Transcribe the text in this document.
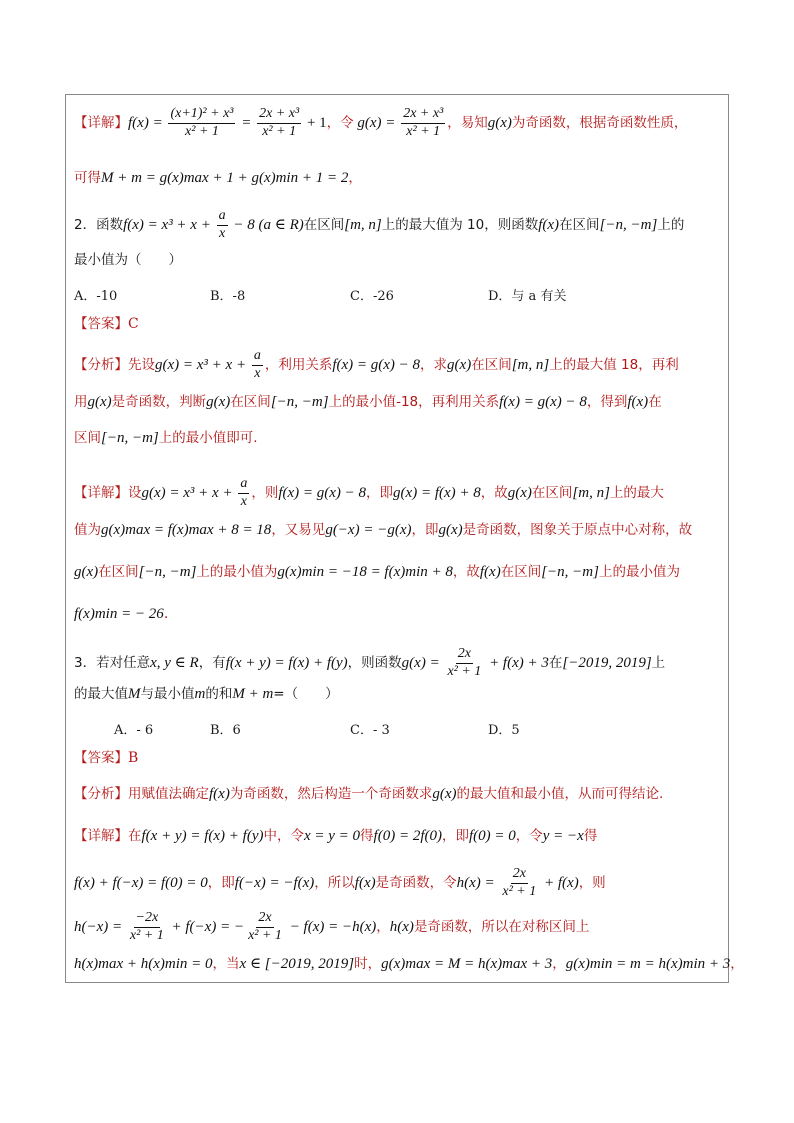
【详解】$f(x) = \frac{\text{(x+1)² + x³}}{\text{x² + 1}} = \frac{\text{2x + x³}}{\text{x² + 1}} + 1$，令 $g(x) = \frac{\text{2x + x³}}{\text{x² + 1}}$ ，易知g(x)为奇函数，根据奇函数性质，
可得M + m = g(x)max + 1 + g(x)min + 1 = 2，
2．函数$f(x) = x^3 + x + \frac{a}{x} - 8$ (a ∈ R)在区间[m, n]上的最大值为 10，则函数f(x)在区间[−n, −m]上的
最小值为（　　）
A．-10	B．-8	C．-26	D．与 a 有关
【答案】C
【分析】先设$g(x) = x^3 + x + \frac{a}{x}$ ，利用关系f(x) = g(x) − 8，求g(x)在区间[m, n]上的最大值 18，再利
用g(x)是奇函数，判断g(x)在区间[−n, −m]上的最小值-18，再利用关系f(x) = g(x) − 8，得到f(x)在
区间[−n, −m]上的最小值即可.
【详解】设$g(x) = x^3 + x + \frac{a}{x}$ ，则f(x) = g(x) − 8，即g(x) = f(x) + 8，故g(x)在区间[m, n]上的最大
值为g(x)max = f(x)max + 8 = 18，又易见g(−x) = −g(x)，即g(x)是奇函数，图象关于原点中心对称，故
g(x)在区间[−n, −m]上的最小值为g(x)min = −18 = f(x)min + 8，故f(x)在区间[−n, −m]上的最小值为
f(x)min = − 26.
3．若对任意x, y ∈ R，有f(x + y) = f(x) + f(y)，则函数$g(x) = \frac{2x}{\text{x² + 1}} + f(x) + 3$在[−2019, 2019]上
的最大值M与最小值m的和M + m=（　　）
A．- 6	B．6	C．- 3	D．5
【答案】B
【分析】用赋值法确定f(x)为奇函数，然后构造一个奇函数求g(x)的最大值和最小值，从而可得结论.
【详解】在f(x + y) = f(x) + f(y)中，令x = y = 0得f(0) = 2f(0)，即f(0) = 0，令y = −x得
f(x) + f(−x) = f(0) = 0，即f(−x) = −f(x)，所以f(x)是奇函数，令$h(x) = \frac{2x}{\text{x² + 1}} + f(x)$，则
$h(-x) = \frac{-2x}{\text{x² + 1}} + f(-x)$ = − $\frac{2x}{\text{x² + 1}} - f(x) = -h(x)$，h(x)是奇函数，所以在对称区间上
h(x)max + h(x)min = 0，当x ∈ [−2019, 2019]时，g(x)max = M = h(x)max + 3，g(x)min = m = h(x)min + 3，
